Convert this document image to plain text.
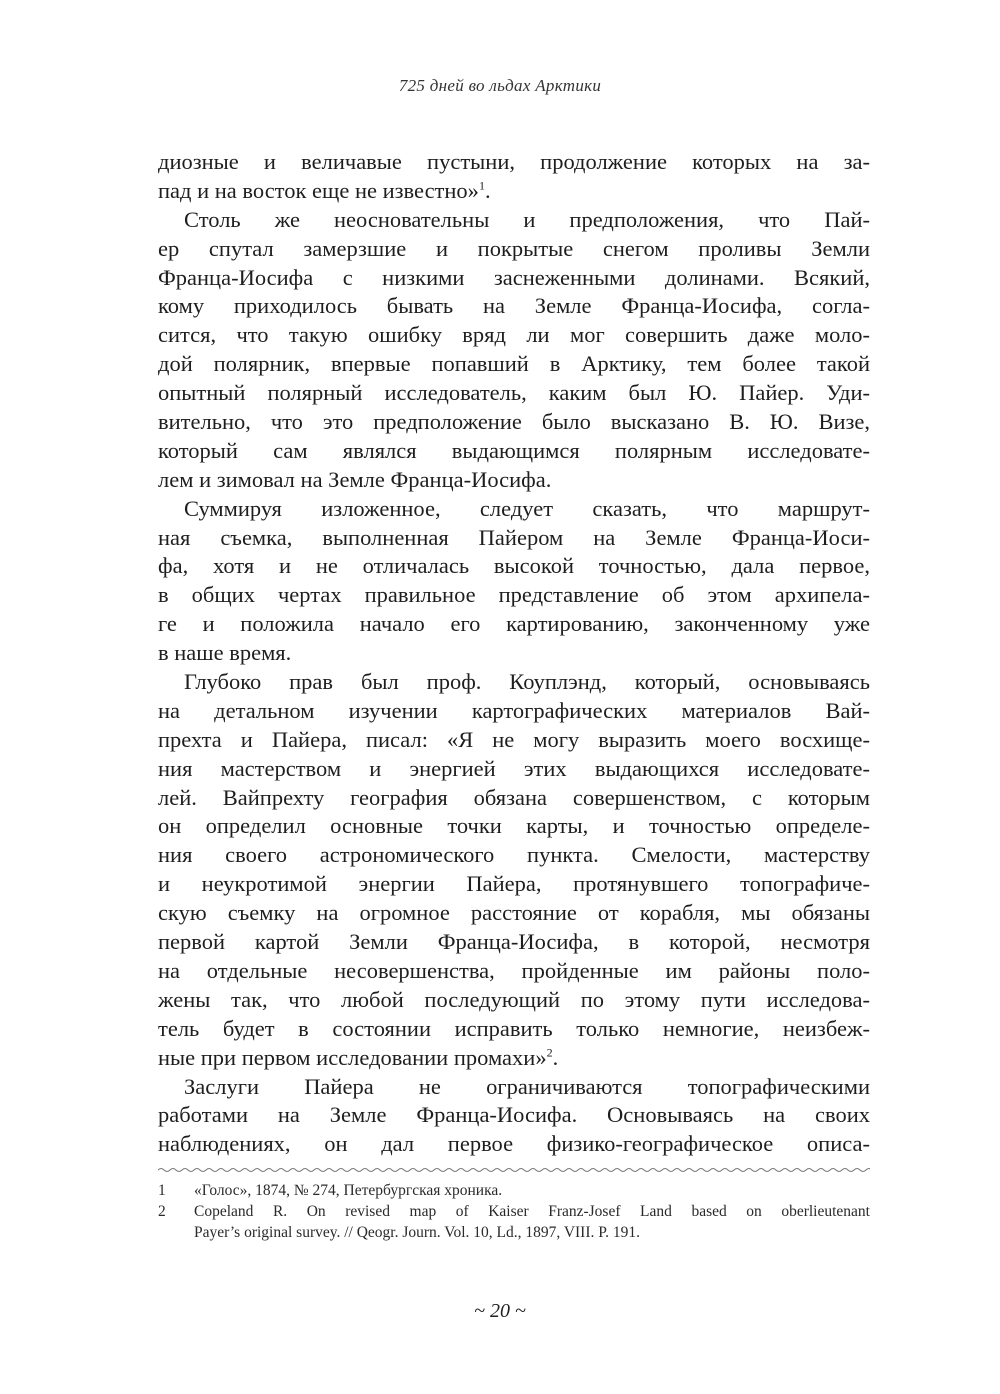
725 дней во льдах Арктики
диозные и величавые пустыни, продолжение которых на за-
пад и на восток еще не известно»$^1$.
Столь же неосновательны и предположения, что Пай-
ер спутал замерзшие и покрытые снегом проливы Земли
Франца-Иосифа с низкими заснеженными долинами. Всякий,
кому приходилось бывать на Земле Франца-Иосифа, согла-
сится, что такую ошибку вряд ли мог совершить даже моло-
дой полярник, впервые попавший в Арктику, тем более такой
опытный полярный исследователь, каким был Ю. Пайер. Уди-
вительно, что это предположение было высказано В. Ю. Визе,
который сам являлся выдающимся полярным исследовате-
лем и зимовал на Земле Франца-Иосифа.
Суммируя изложенное, следует сказать, что маршрут-
ная съемка, выполненная Пайером на Земле Франца-Иоси-
фа, хотя и не отличалась высокой точностью, дала первое,
в общих чертах правильное представление об этом архипела-
ге и положила начало его картированию, законченному уже
в наше время.
Глубоко прав был проф. Коуплэнд, который, основываясь
на детальном изучении картографических материалов Вай-
прехта и Пайера, писал: «Я не могу выразить моего восхище-
ния мастерством и энергией этих выдающихся исследовате-
лей. Вайпрехту география обязана совершенством, с которым
он определил основные точки карты, и точностью определе-
ния своего астрономического пункта. Смелости, мастерству
и неукротимой энергии Пайера, протянувшего топографиче-
скую съемку на огромное расстояние от корабля, мы обязаны
первой картой Земли Франца-Иосифа, в которой, несмотря
на отдельные несовершенства, пройденные им районы поло-
жены так, что любой последующий по этому пути исследова-
тель будет в состоянии исправить только немногие, неизбеж-
ные при первом исследовании промахи»$^2$.
Заслуги Пайера не ограничиваются топографическими
работами на Земле Франца-Иосифа. Основываясь на своих
наблюдениях, он дал первое физико-географическое описа-
1	«Голос», 1874, № 274, Петербургская хроника.
2	Copeland R. On revised map of Kaiser Franz-Josef Land based on oberlieutenant
Payer’s original survey. // Qeogr. Journ. Vol. 10, Ld., 1897, VIII. P. 191.
~ 20 ~
